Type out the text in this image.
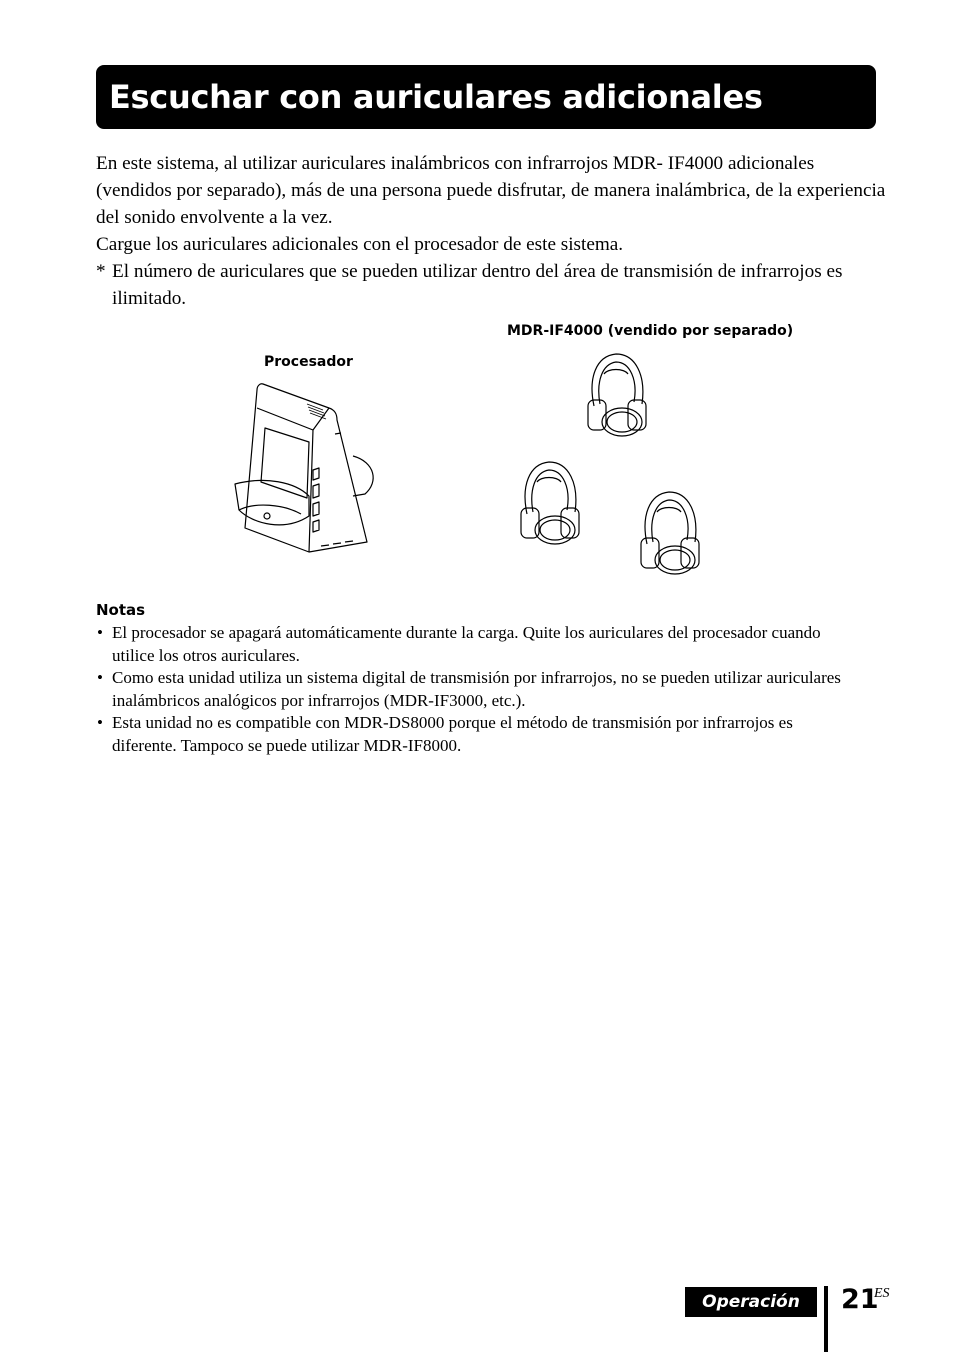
Escuchar con auriculares adicionales

En este sistema, al utilizar auriculares inalámbricos con infrarrojos MDR- IF4000 adicionales (vendidos por separado), más de una persona puede disfrutar, de manera inalámbrica, de la experiencia del sonido envolvente a la vez.

Cargue los auriculares adicionales con el procesador de este sistema.

* El número de auriculares que se pueden utilizar dentro del área de transmisión de infrarrojos es ilimitado.

Procesador
MDR-IF4000 (vendido por separado)
Notas
• El procesador se apagará automáticamente durante la carga. Quite los auriculares del procesador cuando utilice los otros auriculares.
• Como esta unidad utiliza un sistema digital de transmisión por infrarrojos, no se pueden utilizar auriculares inalámbricos analógicos por infrarrojos (MDR-IF3000, etc.).
• Esta unidad no es compatible con MDR-DS8000 porque el método de transmisión por infrarrojos es diferente. Tampoco se puede utilizar MDR-IF8000.
Operación	21
ES
